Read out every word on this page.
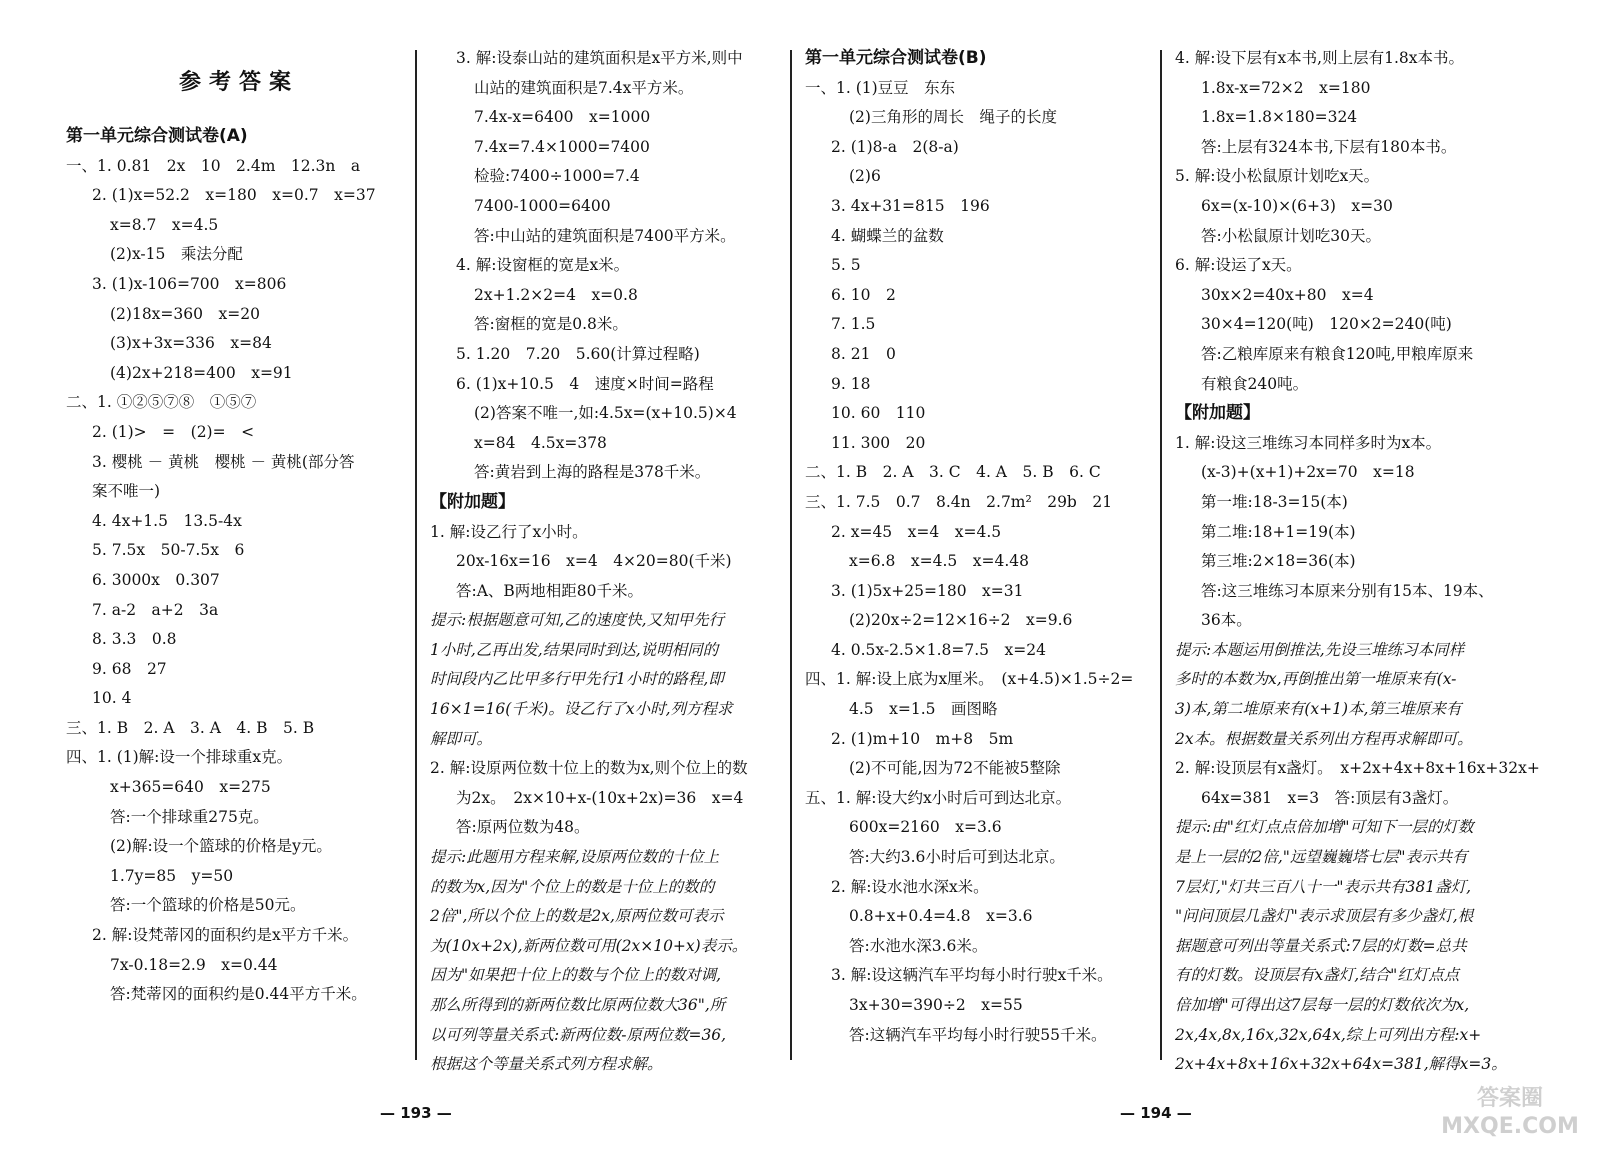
参考答案
第一单元综合测试卷(A)
一、1. 0.81　2x　10　2.4m　12.3n　a
2. (1)x=52.2　x=180　x=0.7　x=37
x=8.7　x=4.5
(2)x-15　乘法分配
3. (1)x-106=700　x=806
(2)18x=360　x=20
(3)x+3x=336　x=84
(4)2x+218=400　x=91
二、1. ①②⑤⑦⑧　①⑤⑦
2. (1)>　=　(2)=　<
3. 樱桃 － 黄桃　樱桃 － 黄桃(部分答
案不唯一)
4. 4x+1.5　13.5-4x
5. 7.5x　50-7.5x　6
6. 3000x　0.307
7. a-2　a+2　3a
8. 3.3　0.8
9. 68　27
10. 4
三、1. B　2. A　3. A　4. B　5. B
四、1. (1)解:设一个排球重x克。
x+365=640　x=275
答:一个排球重275克。
(2)解:设一个篮球的价格是y元。
1.7y=85　y=50
答:一个篮球的价格是50元。
2. 解:设梵蒂冈的面积约是x平方千米。
7x-0.18=2.9　x=0.44
答:梵蒂冈的面积约是0.44平方千米。
3. 解:设泰山站的建筑面积是x平方米,则中
山站的建筑面积是7.4x平方米。
7.4x-x=6400　x=1000
7.4x=7.4×1000=7400
检验:7400÷1000=7.4
7400-1000=6400
答:中山站的建筑面积是7400平方米。
4. 解:设窗框的宽是x米。
2x+1.2×2=4　x=0.8
答:窗框的宽是0.8米。
5. 1.20　7.20　5.60(计算过程略)
6. (1)x+10.5　4　速度×时间=路程
(2)答案不唯一,如:4.5x=(x+10.5)×4
x=84　4.5x=378
答:黄岩到上海的路程是378千米。
【附加题】
1. 解:设乙行了x小时。
20x-16x=16　x=4　4×20=80(千米)
答:A、B两地相距80千米。
提示:根据题意可知,乙的速度快,又知甲先行
1小时,乙再出发,结果同时到达,说明相同的
时间段内乙比甲多行甲先行1小时的路程,即
16×1=16(千米)。设乙行了x小时,列方程求
解即可。
2. 解:设原两位数十位上的数为x,则个位上的数
为2x。　2x×10+x-(10x+2x)=36　x=4
答:原两位数为48。
提示:此题用方程来解,设原两位数的十位上
的数为x,因为"个位上的数是十位上的数的
2倍",所以个位上的数是2x,原两位数可表示
为(10x+2x),新两位数可用(2x×10+x)表示。
因为"如果把十位上的数与个位上的数对调,
那么所得到的新两位数比原两位数大36",所
以可列等量关系式:新两位数-原两位数=36,
根据这个等量关系式列方程求解。
第一单元综合测试卷(B)
一、1. (1)豆豆　东东
(2)三角形的周长　绳子的长度
2. (1)8-a　2(8-a)
(2)6
3. 4x+31=815　196
4. 蝴蝶兰的盆数
5. 5
6. 10　2
7. 1.5
8. 21　0
9. 18
10. 60　110
11. 300　20
二、1. B　2. A　3. C　4. A　5. B　6. C
三、1. 7.5　0.7　8.4n　2.7m²　29b　21
2. x=45　x=4　x=4.5
x=6.8　x=4.5　x=4.48
3. (1)5x+25=180　x=31
(2)20x÷2=12×16÷2　x=9.6
4. 0.5x-2.5×1.8=7.5　x=24
四、1. 解:设上底为x厘米。　(x+4.5)×1.5÷2=
4.5　x=1.5　画图略
2. (1)m+10　m+8　5m
(2)不可能,因为72不能被5整除
五、1. 解:设大约x小时后可到达北京。
600x=2160　x=3.6
答:大约3.6小时后可到达北京。
2. 解:设水池水深x米。
0.8+x+0.4=4.8　x=3.6
答:水池水深3.6米。
3. 解:设这辆汽车平均每小时行驶x千米。
3x+30=390÷2　x=55
答:这辆汽车平均每小时行驶55千米。
4. 解:设下层有x本书,则上层有1.8x本书。
1.8x-x=72×2　x=180
1.8x=1.8×180=324
答:上层有324本书,下层有180本书。
5. 解:设小松鼠原计划吃x天。
6x=(x-10)×(6+3)　x=30
答:小松鼠原计划吃30天。
6. 解:设运了x天。
30x×2=40x+80　x=4
30×4=120(吨)　120×2=240(吨)
答:乙粮库原来有粮食120吨,甲粮库原来
有粮食240吨。
【附加题】
1. 解:设这三堆练习本同样多时为x本。
(x-3)+(x+1)+2x=70　x=18
第一堆:18-3=15(本)
第二堆:18+1=19(本)
第三堆:2×18=36(本)
答:这三堆练习本原来分别有15本、19本、
36本。
提示:本题运用倒推法,先设三堆练习本同样
多时的本数为x,再倒推出第一堆原来有(x-
3)本,第二堆原来有(x+1)本,第三堆原来有
2x本。根据数量关系列出方程再求解即可。
2. 解:设顶层有x盏灯。　x+2x+4x+8x+16x+32x+
64x=381　x=3　答:顶层有3盏灯。
提示:由"红灯点点倍加增"可知下一层的灯数
是上一层的2倍,"远望巍巍塔七层"表示共有
7层灯,"灯共三百八十一"表示共有381盏灯,
"问问顶层几盏灯"表示求顶层有多少盏灯,根
据题意可列出等量关系式:7层的灯数=总共
有的灯数。设顶层有x盏灯,结合"红灯点点
倍加增"可得出这7层每一层的灯数依次为x,
2x,4x,8x,16x,32x,64x,综上可列出方程:x+
2x+4x+8x+16x+32x+64x=381,解得x=3。
— 193 —	— 194 —
答案圈
MXQE.COM
